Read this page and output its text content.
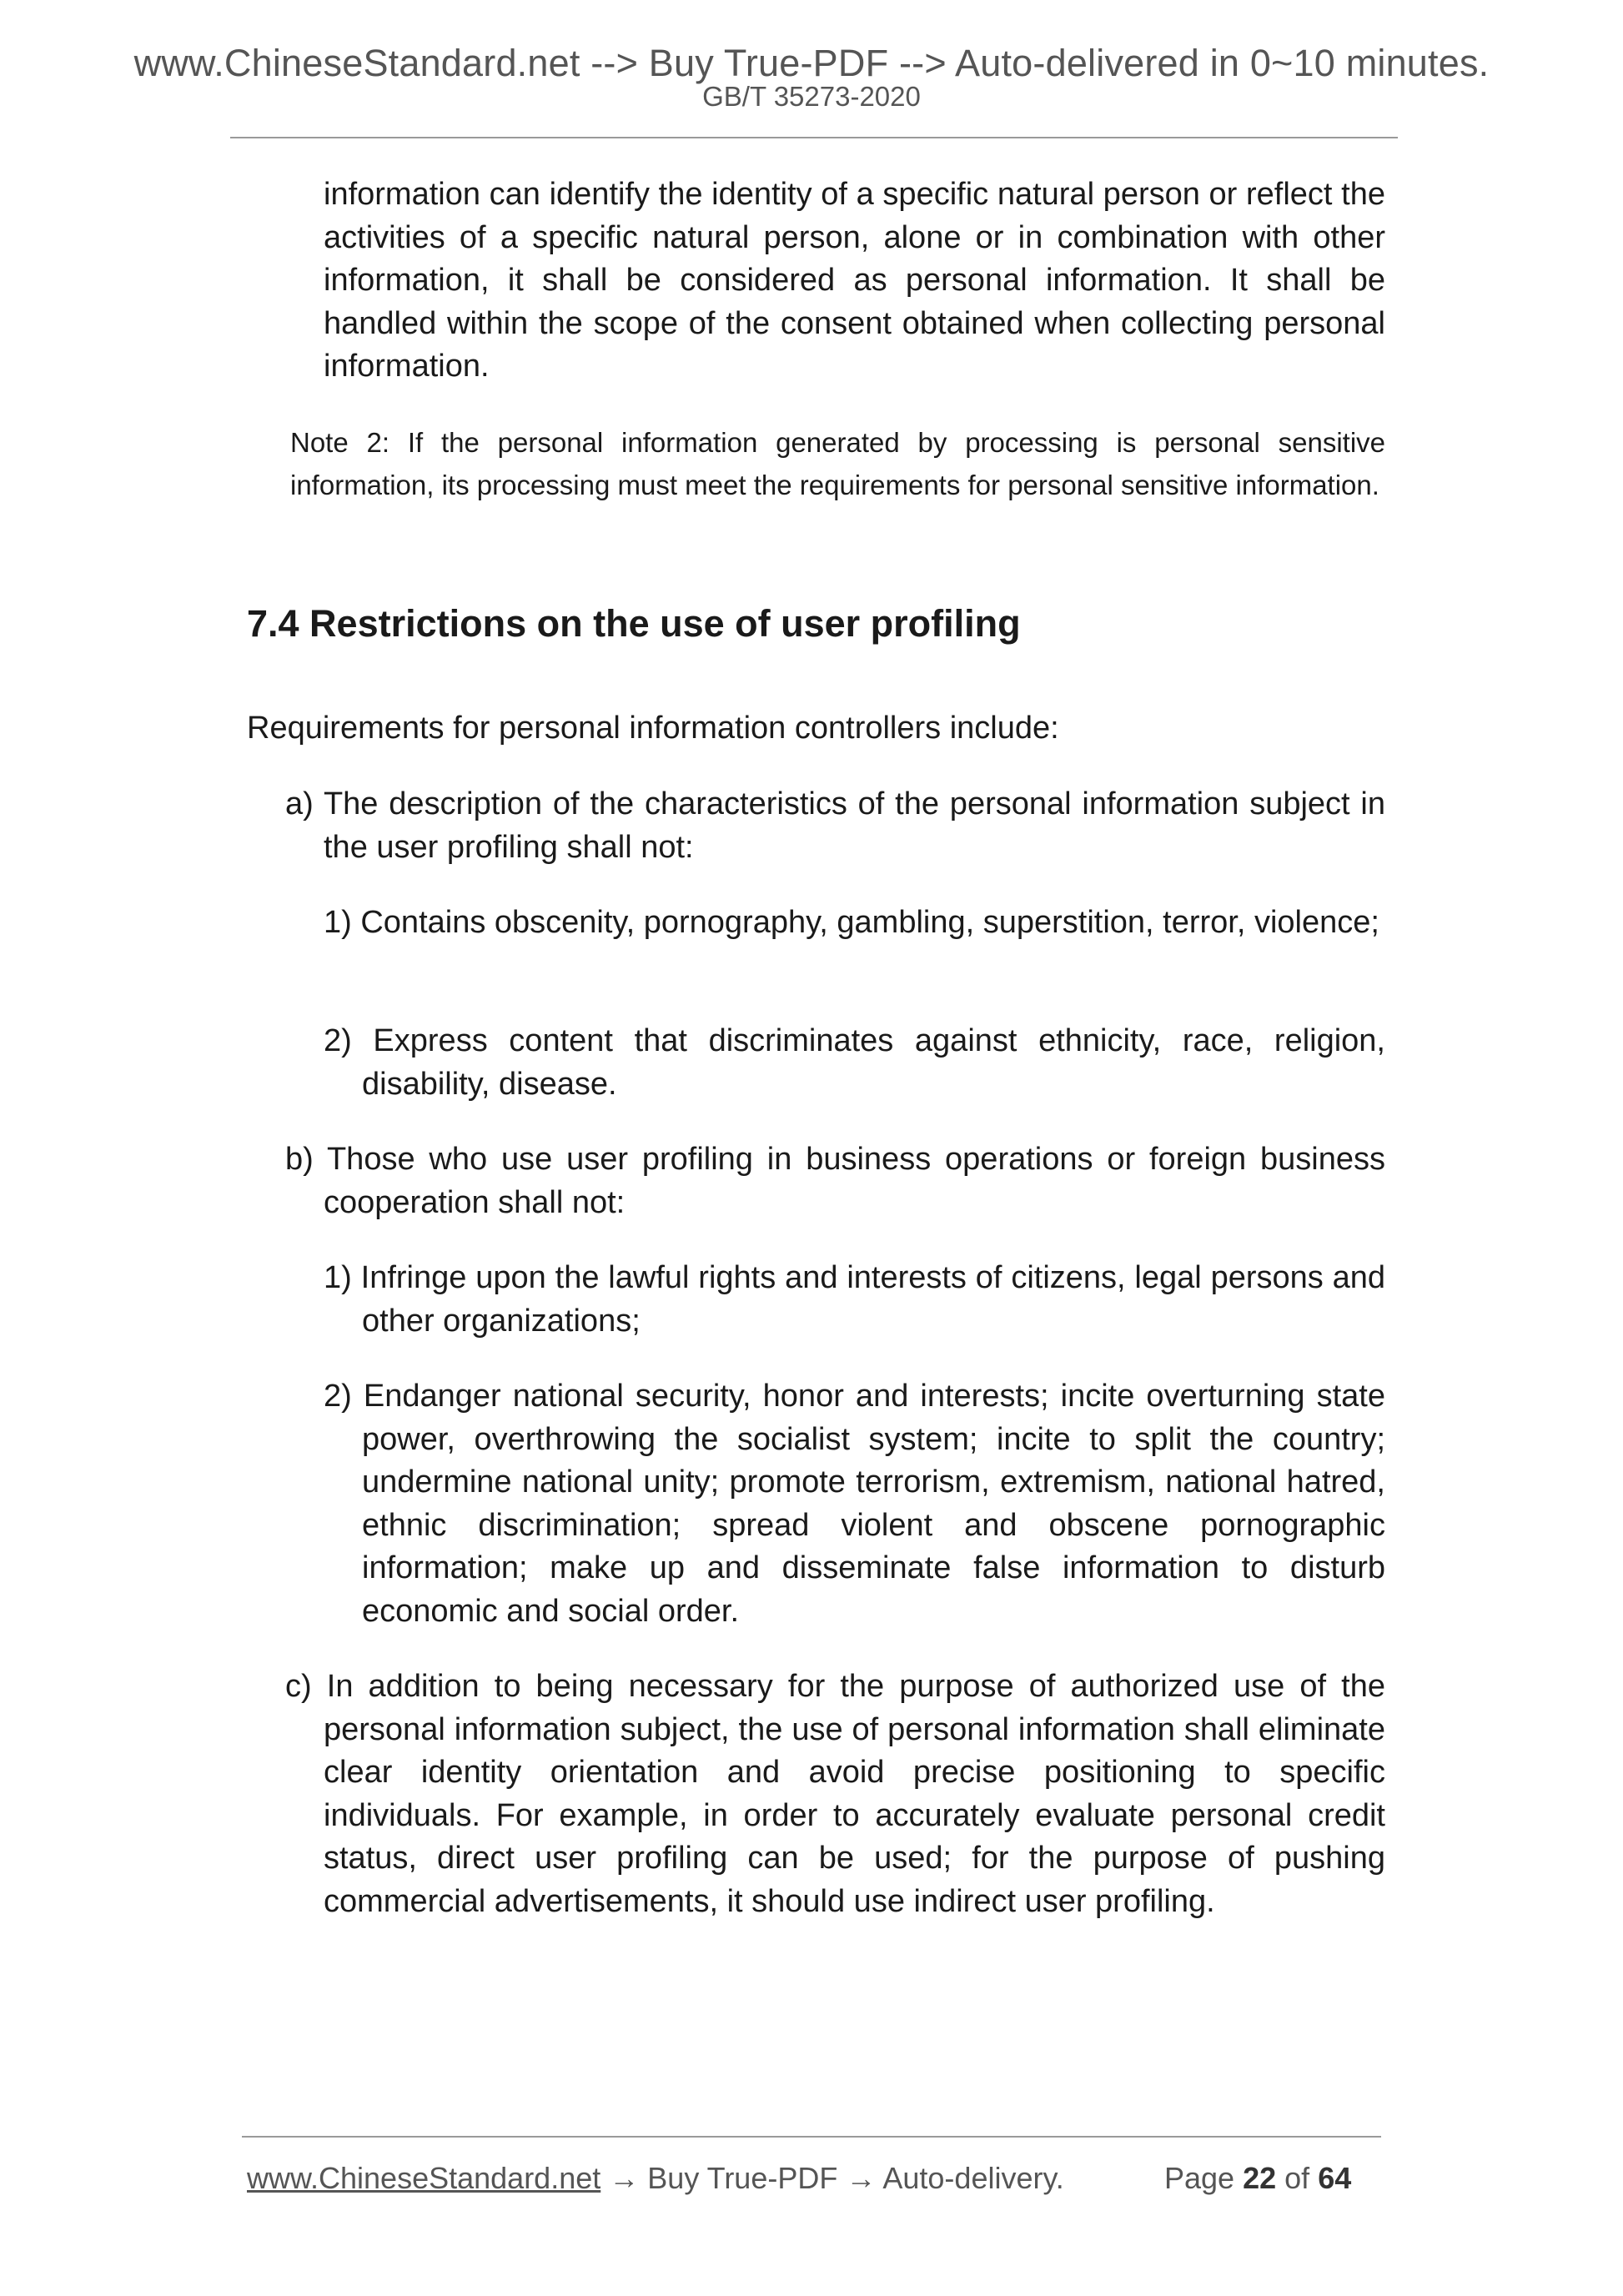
www.ChineseStandard.net --> Buy True-PDF --> Auto-delivered in 0~10 minutes.
GB/T 35273-2020

information can identify the identity of a specific natural person or reflect the activities of a specific natural person, alone or in combination with other information, it shall be considered as personal information. It shall be handled within the scope of the consent obtained when collecting personal information.

Note 2: If the personal information generated by processing is personal sensitive information, its processing must meet the requirements for personal sensitive information.

7.4 Restrictions on the use of user profiling

Requirements for personal information controllers include:

a) The description of the characteristics of the personal information subject in the user profiling shall not:

1) Contains obscenity, pornography, gambling, superstition, terror, violence;

2) Express content that discriminates against ethnicity, race, religion, disability, disease.

b) Those who use user profiling in business operations or foreign business cooperation shall not:

1) Infringe upon the lawful rights and interests of citizens, legal persons and other organizations;

2) Endanger national security, honor and interests; incite overturning state power, overthrowing the socialist system; incite to split the country; undermine national unity; promote terrorism, extremism, national hatred, ethnic discrimination; spread violent and obscene pornographic information; make up and disseminate false information to disturb economic and social order.

c) In addition to being necessary for the purpose of authorized use of the personal information subject, the use of personal information shall eliminate clear identity orientation and avoid precise positioning to specific individuals. For example, in order to accurately evaluate personal credit status, direct user profiling can be used; for the purpose of pushing commercial advertisements, it should use indirect user profiling.

www.ChineseStandard.net → Buy True-PDF → Auto-delivery.	Page 22 of 64
